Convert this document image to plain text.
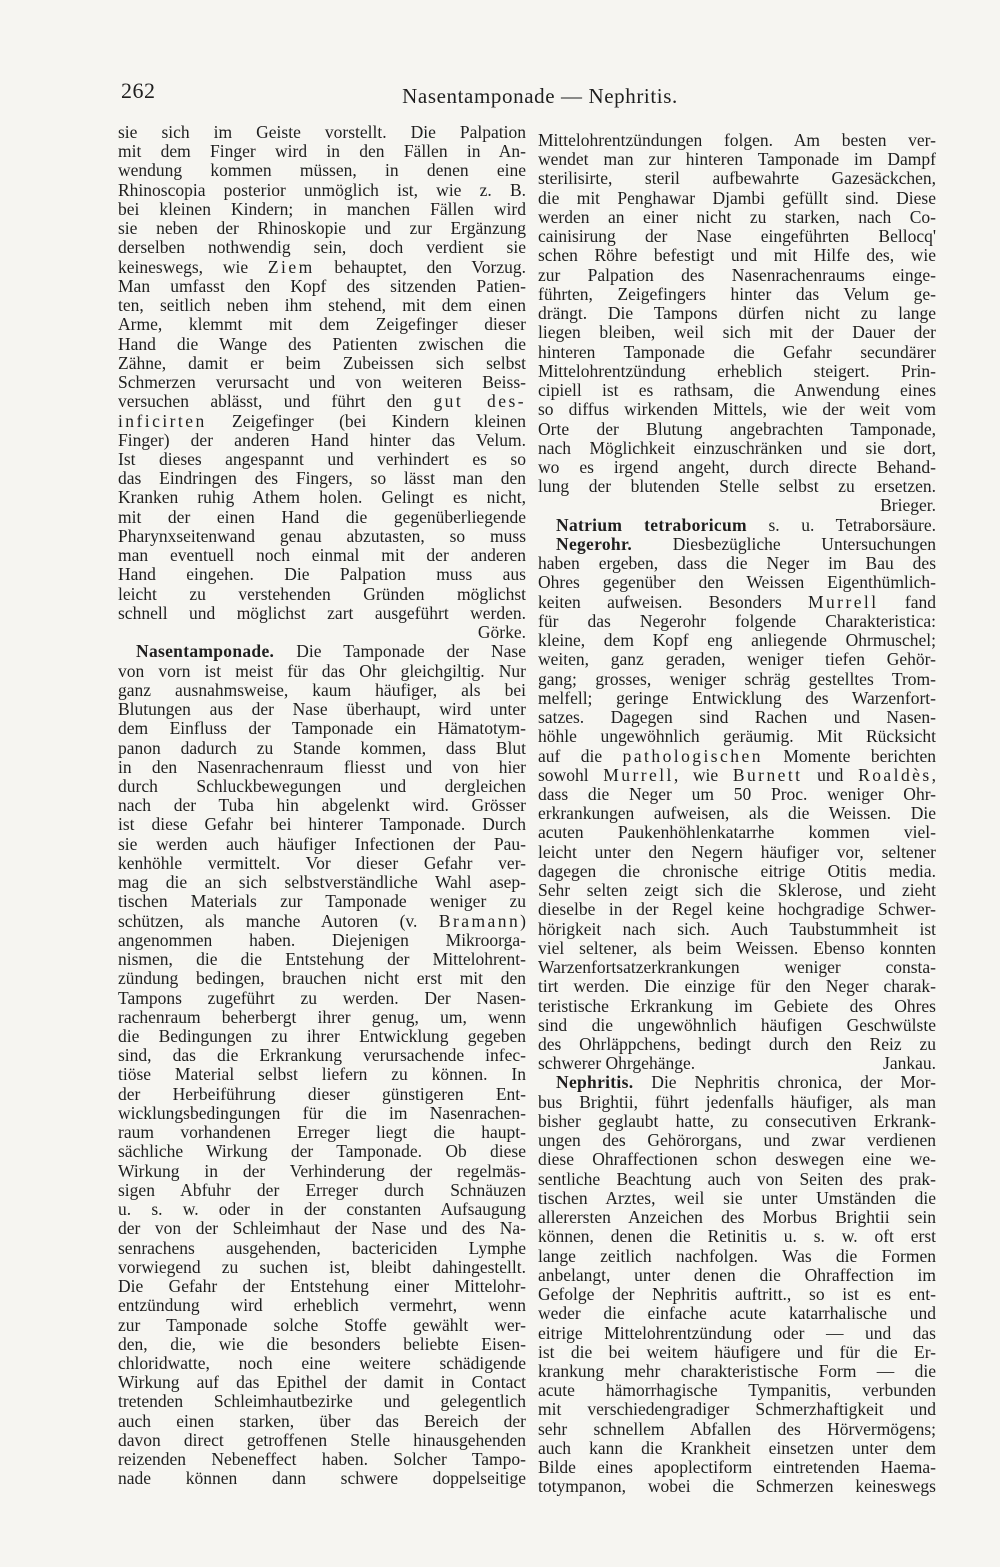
262	Nasentamponade — Nephritis.
sie sich im Geiste vorstellt. Die Palpation
mit dem Finger wird in den Fällen in An-
wendung kommen müssen, in denen eine
Rhinoscopia posterior unmöglich ist, wie z. B.
bei kleinen Kindern; in manchen Fällen wird
sie neben der Rhinoskopie und zur Ergänzung
derselben nothwendig sein, doch verdient sie
keineswegs, wie Ziem behauptet, den Vorzug.
Man umfasst den Kopf des sitzenden Patien-
ten, seitlich neben ihm stehend, mit dem einen
Arme, klemmt mit dem Zeigefinger dieser
Hand die Wange des Patienten zwischen die
Zähne, damit er beim Zubeissen sich selbst
Schmerzen verursacht und von weiteren Beiss-
versuchen ablässt, und führt den gut des-
inficirten Zeigefinger (bei Kindern kleinen
Finger) der anderen Hand hinter das Velum.
Ist dieses angespannt und verhindert es so
das Eindringen des Fingers, so lässt man den
Kranken ruhig Athem holen. Gelingt es nicht,
mit der einen Hand die gegenüberliegende
Pharynxseitenwand genau abzutasten, so muss
man eventuell noch einmal mit der anderen
Hand eingehen. Die Palpation muss aus
leicht zu verstehenden Gründen möglichst
schnell und möglichst zart ausgeführt werden.
Görke.
Nasentamponade. Die Tamponade der Nase
von vorn ist meist für das Ohr gleichgiltig. Nur
ganz ausnahmsweise, kaum häufiger, als bei
Blutungen aus der Nase überhaupt, wird unter
dem Einfluss der Tamponade ein Hämatotym-
panon dadurch zu Stande kommen, dass Blut
in den Nasenrachenraum fliesst und von hier
durch Schluckbewegungen und dergleichen
nach der Tuba hin abgelenkt wird. Grösser
ist diese Gefahr bei hinterer Tamponade. Durch
sie werden auch häufiger Infectionen der Pau-
kenhöhle vermittelt. Vor dieser Gefahr ver-
mag die an sich selbstverständliche Wahl asep-
tischen Materials zur Tamponade weniger zu
schützen, als manche Autoren (v. Bramann)
angenommen haben. Diejenigen Mikroorga-
nismen, die die Entstehung der Mittelohrent-
zündung bedingen, brauchen nicht erst mit den
Tampons zugeführt zu werden. Der Nasen-
rachenraum beherbergt ihrer genug, um, wenn
die Bedingungen zu ihrer Entwicklung gegeben
sind, das die Erkrankung verursachende infec-
tiöse Material selbst liefern zu können. In
der Herbeiführung dieser günstigeren Ent-
wicklungsbedingungen für die im Nasenrachen-
raum vorhandenen Erreger liegt die haupt-
sächliche Wirkung der Tamponade. Ob diese
Wirkung in der Verhinderung der regelmäs-
sigen Abfuhr der Erreger durch Schnäuzen
u. s. w. oder in der constanten Aufsaugung
der von der Schleimhaut der Nase und des Na-
senrachens ausgehenden, bactericiden Lymphe
vorwiegend zu suchen ist, bleibt dahingestellt.
Die Gefahr der Entstehung einer Mittelohr-
entzündung wird erheblich vermehrt, wenn
zur Tamponade solche Stoffe gewählt wer-
den, die, wie die besonders beliebte Eisen-
chloridwatte, noch eine weitere schädigende
Wirkung auf das Epithel der damit in Contact
tretenden Schleimhautbezirke und gelegentlich
auch einen starken, über das Bereich der
davon direct getroffenen Stelle hinausgehenden
reizenden Nebeneffect haben. Solcher Tampo-
nade können dann schwere doppelseitige
Mittelohrentzündungen folgen. Am besten ver-
wendet man zur hinteren Tamponade im Dampf
sterilisirte, steril aufbewahrte Gazesäckchen,
die mit Penghawar Djambi gefüllt sind. Diese
werden an einer nicht zu starken, nach Co-
cainisirung der Nase eingeführten Bellocq'
schen Röhre befestigt und mit Hilfe des, wie
zur Palpation des Nasenrachenraums einge-
führten, Zeigefingers hinter das Velum ge-
drängt. Die Tampons dürfen nicht zu lange
liegen bleiben, weil sich mit der Dauer der
hinteren Tamponade die Gefahr secundärer
Mittelohrentzündung erheblich steigert. Prin-
cipiell ist es rathsam, die Anwendung eines
so diffus wirkenden Mittels, wie der weit vom
Orte der Blutung angebrachten Tamponade,
nach Möglichkeit einzuschränken und sie dort,
wo es irgend angeht, durch directe Behand-
lung der blutenden Stelle selbst zu ersetzen.
Brieger.
Natrium tetraboricum s. u. Tetraborsäure.
Negerohr. Diesbezügliche Untersuchungen
haben ergeben, dass die Neger im Bau des
Ohres gegenüber den Weissen Eigenthümlich-
keiten aufweisen. Besonders Murrell fand
für das Negerohr folgende Charakteristica:
kleine, dem Kopf eng anliegende Ohrmuschel;
weiten, ganz geraden, weniger tiefen Gehör-
gang; grosses, weniger schräg gestelltes Trom-
melfell; geringe Entwicklung des Warzenfort-
satzes. Dagegen sind Rachen und Nasen-
höhle ungewöhnlich geräumig. Mit Rücksicht
auf die pathologischen Momente berichten
sowohl Murrell, wie Burnett und Roaldès,
dass die Neger um 50 Proc. weniger Ohr-
erkrankungen aufweisen, als die Weissen. Die
acuten Paukenhöhlenkatarrhe kommen viel-
leicht unter den Negern häufiger vor, seltener
dagegen die chronische eitrige Otitis media.
Sehr selten zeigt sich die Sklerose, und zieht
dieselbe in der Regel keine hochgradige Schwer-
hörigkeit nach sich. Auch Taubstummheit ist
viel seltener, als beim Weissen. Ebenso konnten
Warzenfortsatzerkrankungen weniger consta-
tirt werden. Die einzige für den Neger charak-
teristische Erkrankung im Gebiete des Ohres
sind die ungewöhnlich häufigen Geschwülste
des Ohrläppchens, bedingt durch den Reiz zu
schwerer Ohrgehänge.	Jankau.
Nephritis. Die Nephritis chronica, der Mor-
bus Brightii, führt jedenfalls häufiger, als man
bisher geglaubt hatte, zu consecutiven Erkrank-
ungen des Gehörorgans, und zwar verdienen
diese Ohraffectionen schon deswegen eine we-
sentliche Beachtung auch von Seiten des prak-
tischen Arztes, weil sie unter Umständen die
allerersten Anzeichen des Morbus Brightii sein
können, denen die Retinitis u. s. w. oft erst
lange zeitlich nachfolgen. Was die Formen
anbelangt, unter denen die Ohraffection im
Gefolge der Nephritis auftritt., so ist es ent-
weder die einfache acute katarrhalische und
eitrige Mittelohrentzündung oder — und das
ist die bei weitem häufigere und für die Er-
krankung mehr charakteristische Form — die
acute hämorrhagische Tympanitis, verbunden
mit verschiedengradiger Schmerzhaftigkeit und
sehr schnellem Abfallen des Hörvermögens;
auch kann die Krankheit einsetzen unter dem
Bilde eines apoplectiform eintretenden Haema-
totympanon, wobei die Schmerzen keineswegs
